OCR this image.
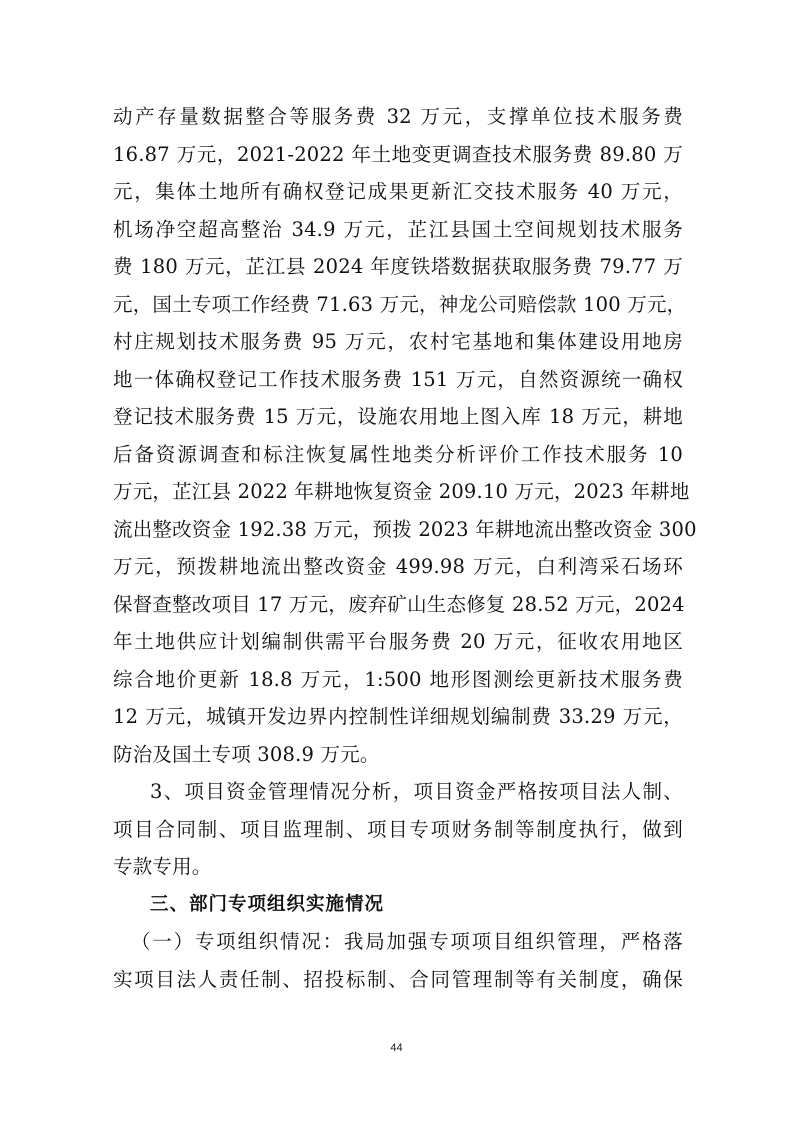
动产存量数据整合等服务费 32 万元，支撑单位技术服务费
16.87 万元，2021-2022 年土地变更调查技术服务费 89.80 万
元，集体土地所有确权登记成果更新汇交技术服务 40 万元，
机场净空超高整治 34.9 万元，芷江县国土空间规划技术服务
费 180 万元，芷江县 2024 年度铁塔数据获取服务费 79.77 万
元，国土专项工作经费 71.63 万元，神龙公司赔偿款 100 万元，
村庄规划技术服务费 95 万元，农村宅基地和集体建设用地房
地一体确权登记工作技术服务费 151 万元，自然资源统一确权
登记技术服务费 15 万元，设施农用地上图入库 18 万元，耕地
后备资源调查和标注恢复属性地类分析评价工作技术服务 10
万元，芷江县 2022 年耕地恢复资金 209.10 万元，2023 年耕地
流出整改资金 192.38 万元，预拨 2023 年耕地流出整改资金 300
万元，预拨耕地流出整改资金 499.98 万元，白利湾采石场环
保督查整改项目 17 万元，废弃矿山生态修复 28.52 万元，2024
年土地供应计划编制供需平台服务费 20 万元，征收农用地区
综合地价更新 18.8 万元，1:500 地形图测绘更新技术服务费
12 万元，城镇开发边界内控制性详细规划编制费 33.29 万元，
防治及国土专项 308.9 万元。
3、项目资金管理情况分析，项目资金严格按项目法人制、
项目合同制、项目监理制、项目专项财务制等制度执行，做到
专款专用。
三、部门专项组织实施情况
（一）专项组织情况：我局加强专项项目组织管理，严格落
实项目法人责任制、招投标制、合同管理制等有关制度，确保
44
